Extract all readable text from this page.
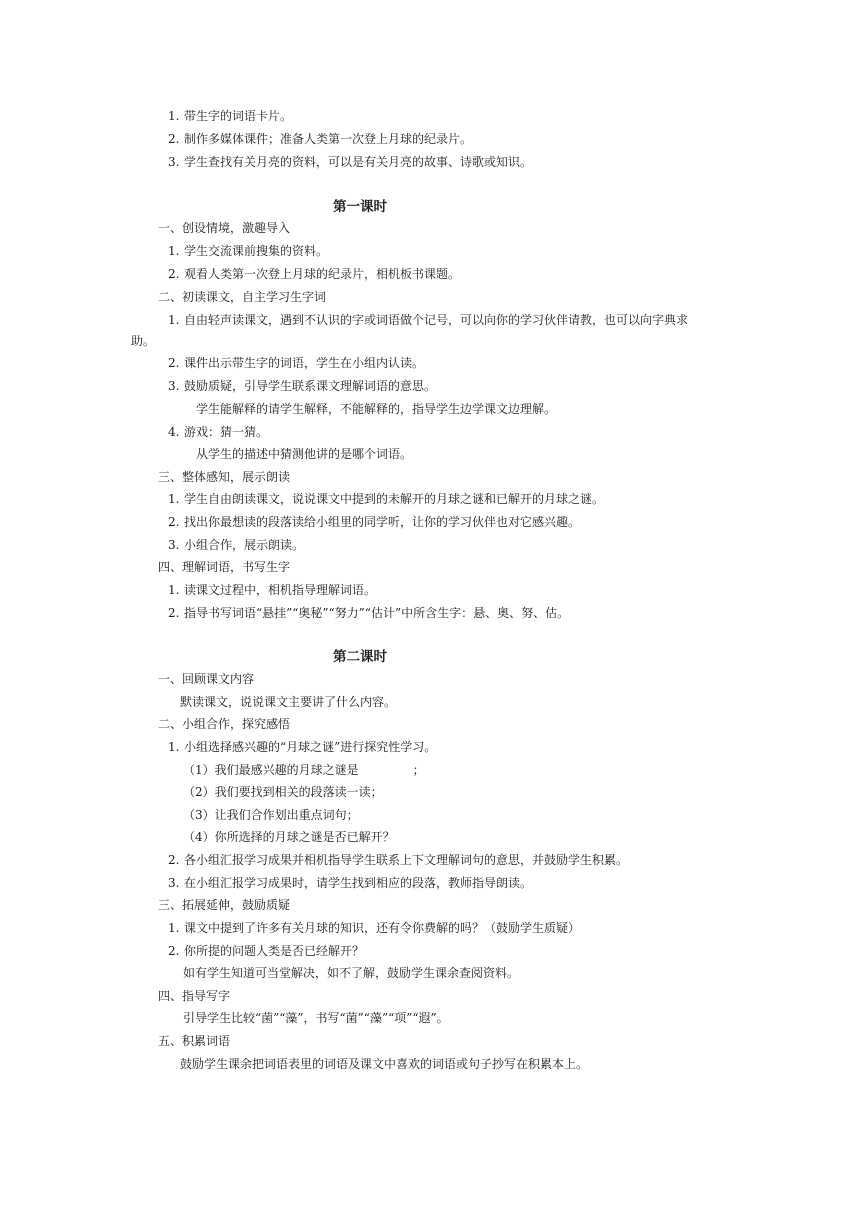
1. 带生字的词语卡片。
2. 制作多媒体课件；准备人类第一次登上月球的纪录片。
3. 学生查找有关月亮的资料，可以是有关月亮的故事、诗歌或知识。
第一课时
一、创设情境，激趣导入
1. 学生交流课前搜集的资料。
2. 观看人类第一次登上月球的纪录片，相机板书课题。
二、初读课文，自主学习生字词
1. 自由轻声读课文，遇到不认识的字或词语做个记号，可以向你的学习伙伴请教，也可以向字典求
助。
2. 课件出示带生字的词语，学生在小组内认读。
3. 鼓励质疑，引导学生联系课文理解词语的意思。
学生能解释的请学生解释，不能解释的，指导学生边学课文边理解。
4. 游戏：猜一猜。
从学生的描述中猜测他讲的是哪个词语。
三、整体感知，展示朗读
1. 学生自由朗读课文，说说课文中提到的未解开的月球之谜和已解开的月球之谜。
2. 找出你最想读的段落读给小组里的同学听，让你的学习伙伴也对它感兴趣。
3. 小组合作，展示朗读。
四、理解词语，书写生字
1. 读课文过程中，相机指导理解词语。
2. 指导书写词语“悬挂”“奥秘”“努力”“估计”中所含生字：悬、奥、努、估。
第二课时
一、回顾课文内容
默读课文，说说课文主要讲了什么内容。
二、小组合作，探究感悟
1. 小组选择感兴趣的“月球之谜”进行探究性学习。
（1）我们最感兴趣的月球之谜是	；
（2）我们要找到相关的段落读一读；
（3）让我们合作划出重点词句；
（4）你所选择的月球之谜是否已解开？
2. 各小组汇报学习成果并相机指导学生联系上下文理解词句的意思，并鼓励学生积累。
3. 在小组汇报学习成果时，请学生找到相应的段落，教师指导朗读。
三、拓展延伸，鼓励质疑
1. 课文中提到了许多有关月球的知识，还有令你费解的吗？（鼓励学生质疑）
2. 你所提的问题人类是否已经解开？
如有学生知道可当堂解决，如不了解，鼓励学生课余查阅资料。
四、指导写字
引导学生比较“菌”“藻”，书写“菌”“藻”“项”“遐”。
五、积累词语
鼓励学生课余把词语表里的词语及课文中喜欢的词语或句子抄写在积累本上。
